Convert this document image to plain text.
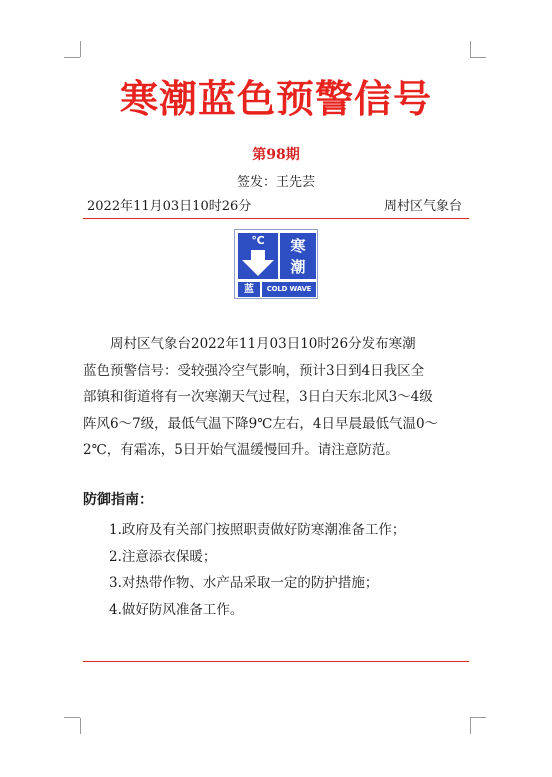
寒潮蓝色预警信号
第98期
签发：王先芸
2022年11月03日10时26分	周村区气象台
℃	寒
潮
蓝	COLD WAVE
周村区气象台2022年11月03日10时26分发布寒潮
蓝色预警信号：受较强冷空气影响，预计3日到4日我区全
部镇和街道将有一次寒潮天气过程，3日白天东北风3～4级
阵风6～7级，最低气温下降9℃左右，4日早晨最低气温0～
2℃，有霜冻，5日开始气温缓慢回升。请注意防范。
防御指南：
1.政府及有关部门按照职责做好防寒潮准备工作；
2.注意添衣保暖；
3.对热带作物、水产品采取一定的防护措施；
4.做好防风准备工作。
